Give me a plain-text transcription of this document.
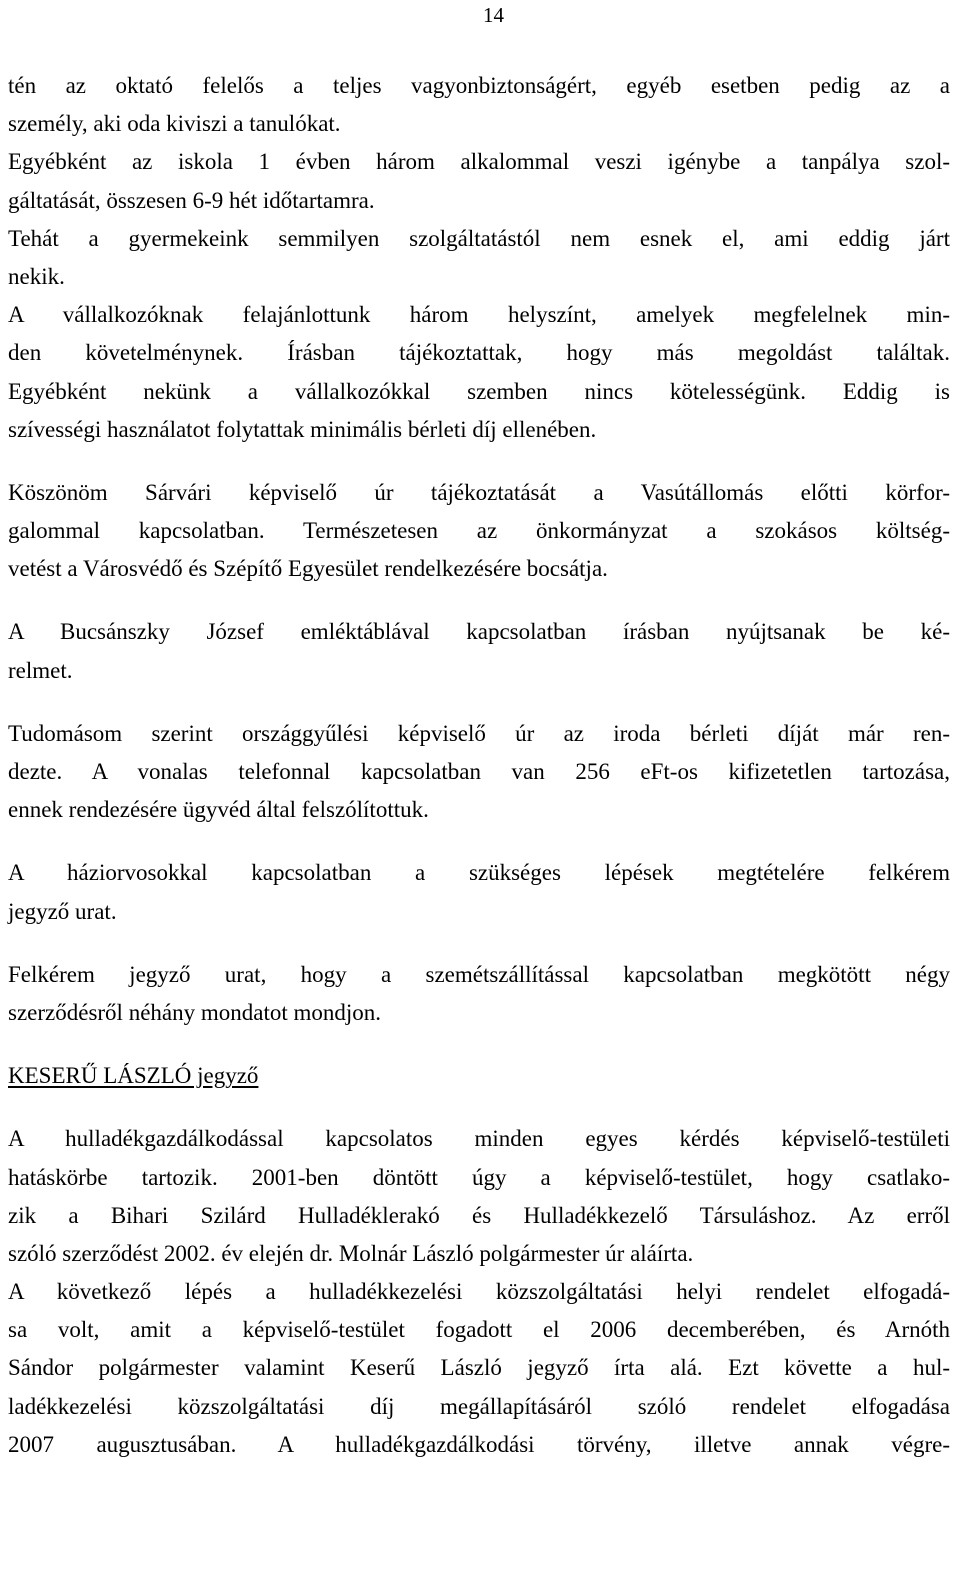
14
tén az oktató felelős a teljes vagyonbiztonságért, egyéb esetben pedig az a
személy, aki oda kiviszi a tanulókat.
Egyébként az iskola 1 évben három alkalommal veszi igénybe a tanpálya szol-
gáltatását, összesen 6-9 hét időtartamra.
Tehát a gyermekeink semmilyen szolgáltatástól nem esnek el, ami eddig járt
nekik.
A vállalkozóknak felajánlottunk három helyszínt, amelyek megfelelnek min-
den követelménynek. Írásban tájékoztattak, hogy más megoldást találtak.
Egyébként nekünk a vállalkozókkal szemben nincs kötelességünk. Eddig is
szívességi használatot folytattak minimális bérleti díj ellenében.
Köszönöm Sárvári képviselő úr tájékoztatását a Vasútállomás előtti körfor-
galommal kapcsolatban. Természetesen az önkormányzat a szokásos költség-
vetést a Városvédő és Szépítő Egyesület rendelkezésére bocsátja.
A Bucsánszky József emléktáblával kapcsolatban írásban nyújtsanak be ké-
relmet.
Tudomásom szerint országgyűlési képviselő úr az iroda bérleti díját már ren-
dezte. A vonalas telefonnal kapcsolatban van 256 eFt-os kifizetetlen tartozása,
ennek rendezésére ügyvéd által felszólítottuk.
A háziorvosokkal kapcsolatban a szükséges lépések megtételére felkérem
jegyző urat.
Felkérem jegyző urat, hogy a szemétszállítással kapcsolatban megkötött négy
szerződésről néhány mondatot mondjon.
KESERŰ LÁSZLÓ jegyző
A hulladékgazdálkodással kapcsolatos minden egyes kérdés képviselő-testületi
hatáskörbe tartozik. 2001-ben döntött úgy a képviselő-testület, hogy csatlako-
zik a Bihari Szilárd Hulladéklerakó és Hulladékkezelő Társuláshoz. Az erről
szóló szerződést 2002. év elején dr. Molnár László polgármester úr aláírta.
A következő lépés a hulladékkezelési közszolgáltatási helyi rendelet elfogadá-
sa volt, amit a képviselő-testület fogadott el 2006 decemberében, és Arnóth
Sándor polgármester valamint Keserű László jegyző írta alá. Ezt követte a hul-
ladékkezelési közszolgáltatási díj megállapításáról szóló rendelet elfogadása
2007 augusztusában. A hulladékgazdálkodási törvény, illetve annak végre-
